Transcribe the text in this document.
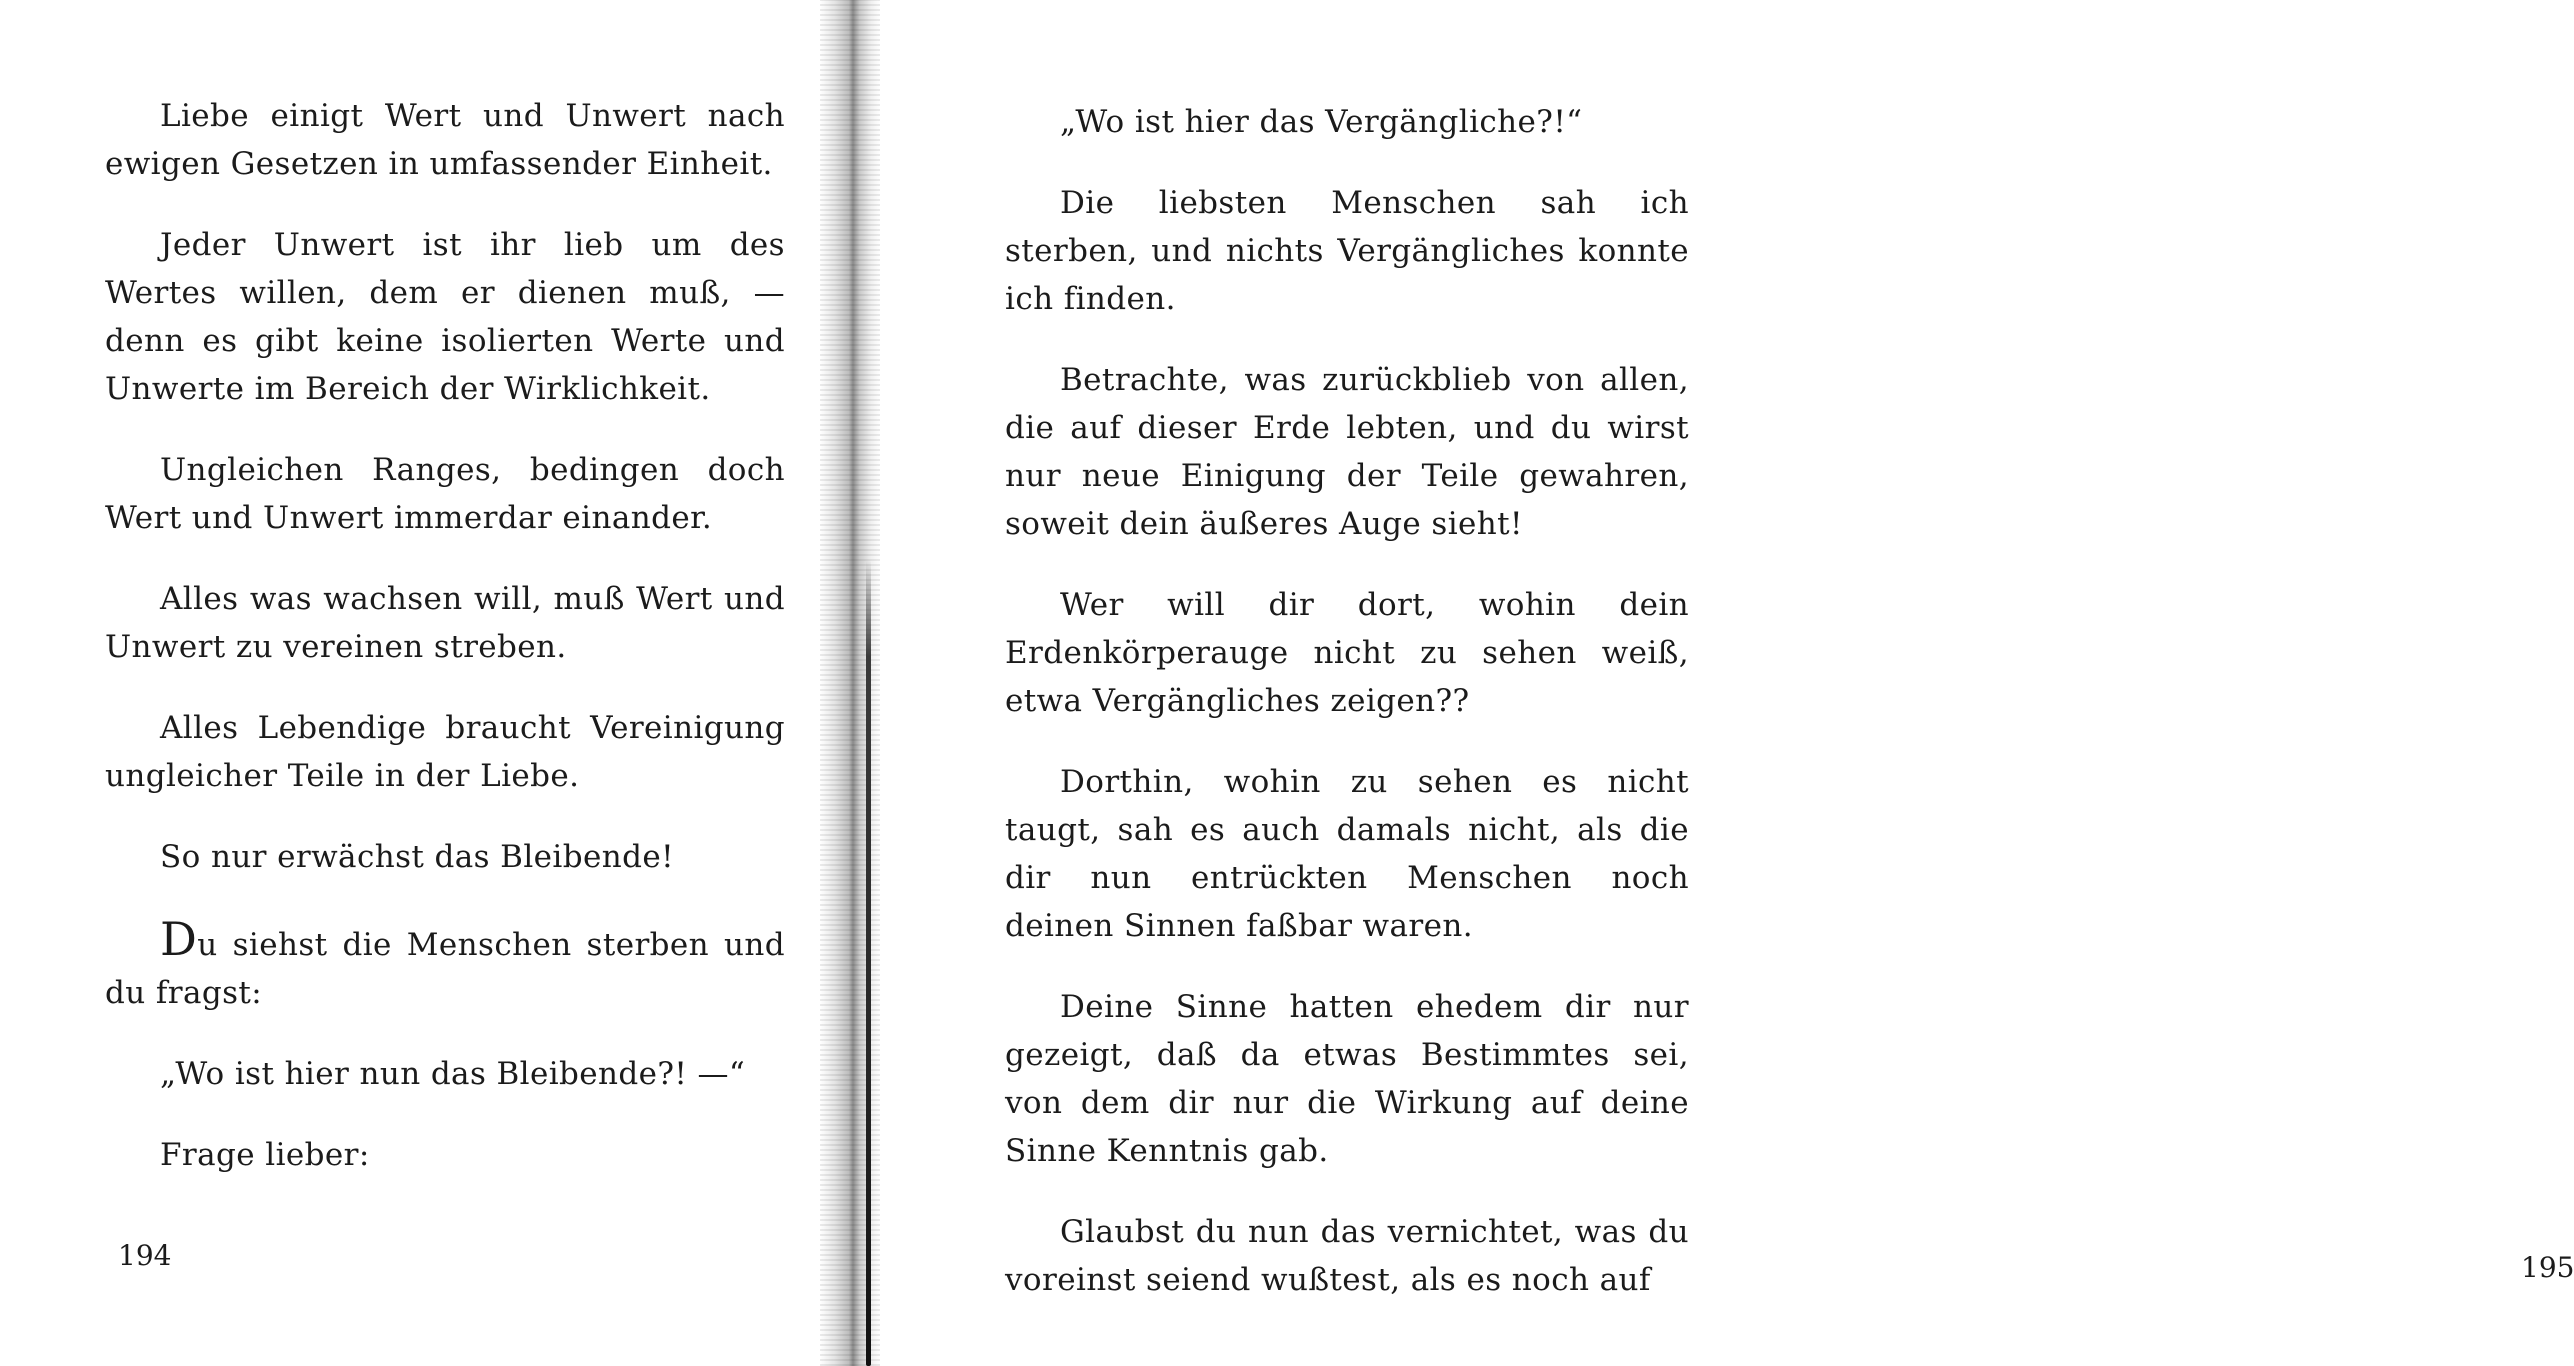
Liebe einigt Wert und Unwert nach ewigen Gesetzen in umfassender Einheit.

Jeder Unwert ist ihr lieb um des Wertes willen, dem er dienen muß, — denn es gibt keine isolierten Werte und Unwerte im Bereich der Wirklichkeit.

Ungleichen Ranges, bedingen doch Wert und Unwert immerdar einander.

Alles was wachsen will, muß Wert und Unwert zu vereinen streben.

Alles Lebendige braucht Vereinigung ungleicher Teile in der Liebe.

So nur erwächst das Bleibende!

Du siehst die Menschen sterben und du fragst:

„Wo ist hier nun das Bleibende?! —“

Frage lieber:

194	195

„Wo ist hier das Vergängliche?!“

Die liebsten Menschen sah ich sterben, und nichts Vergängliches konnte ich finden.

Betrachte, was zurückblieb von allen, die auf dieser Erde lebten, und du wirst nur neue Einigung der Teile gewahren, soweit dein äußeres Auge sieht!

Wer will dir dort, wohin dein Erdenkörperauge nicht zu sehen weiß, etwa Vergängliches zeigen??

Dorthin, wohin zu sehen es nicht taugt, sah es auch damals nicht, als die dir nun entrückten Menschen noch deinen Sinnen faßbar waren.

Deine Sinne hatten ehedem dir nur gezeigt, daß da etwas Bestimmtes sei, von dem dir nur die Wirkung auf deine Sinne Kenntnis gab.

Glaubst du nun das vernichtet, was du voreinst seiend wußtest, als es noch auf
